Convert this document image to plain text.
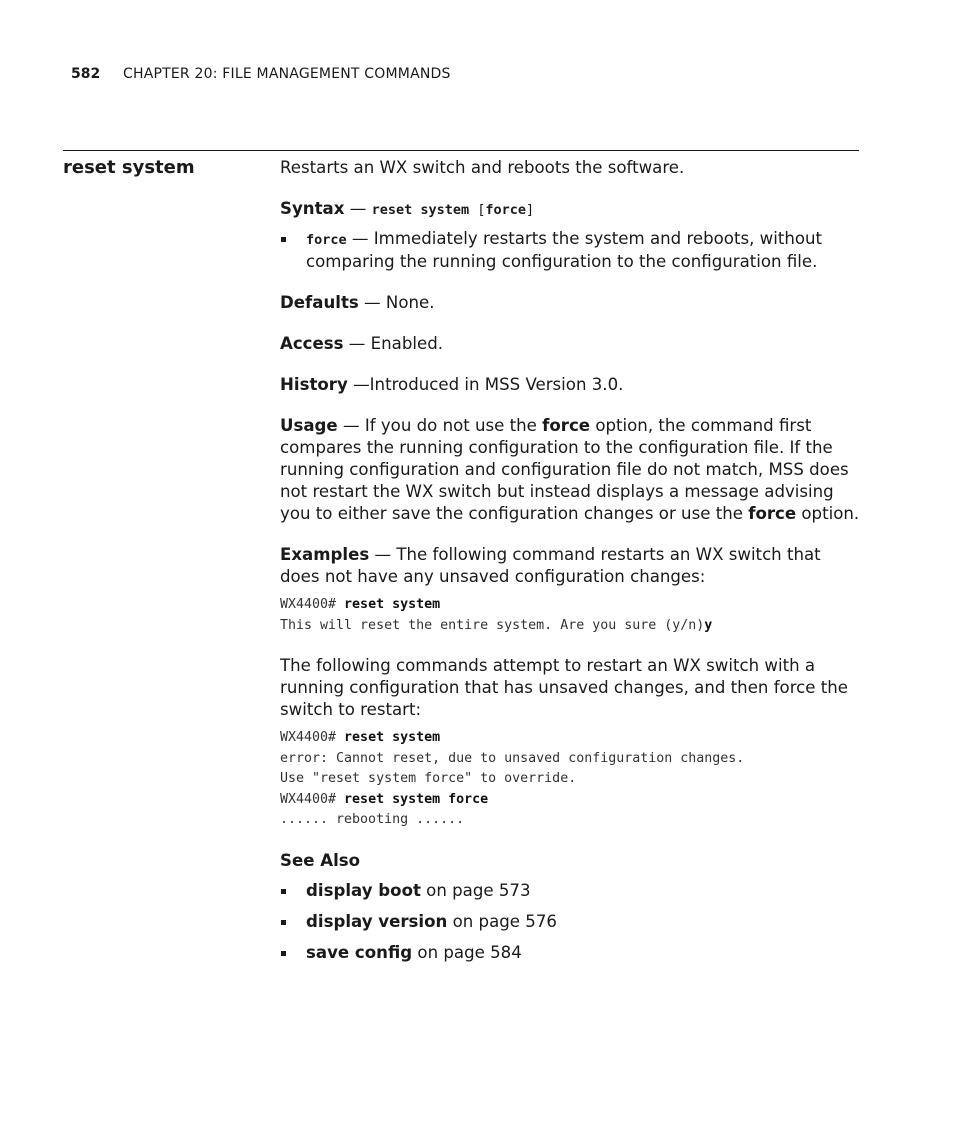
582 CHAPTER 20: FILE MANAGEMENT COMMANDS
reset system	Restarts an WX switch and reboots the software.

Syntax — reset system [force]

force — Immediately restarts the system and reboots, without comparing the running configuration to the configuration file.

Defaults — None.

Access — Enabled.

History —Introduced in MSS Version 3.0.

Usage — If you do not use the force option, the command first compares the running configuration to the configuration file. If the running configuration and configuration file do not match, MSS does not restart the WX switch but instead displays a message advising you to either save the configuration changes or use the force option.

Examples — The following command restarts an WX switch that does not have any unsaved configuration changes:

WX4400# reset system
This will reset the entire system. Are you sure (y/n)y

The following commands attempt to restart an WX switch with a running configuration that has unsaved changes, and then force the switch to restart:

WX4400# reset system
error: Cannot reset, due to unsaved configuration changes.
Use "reset system force" to override.
WX4400# reset system force
...... rebooting ......
See Also
display boot on page 573
display version on page 576
save config on page 584
